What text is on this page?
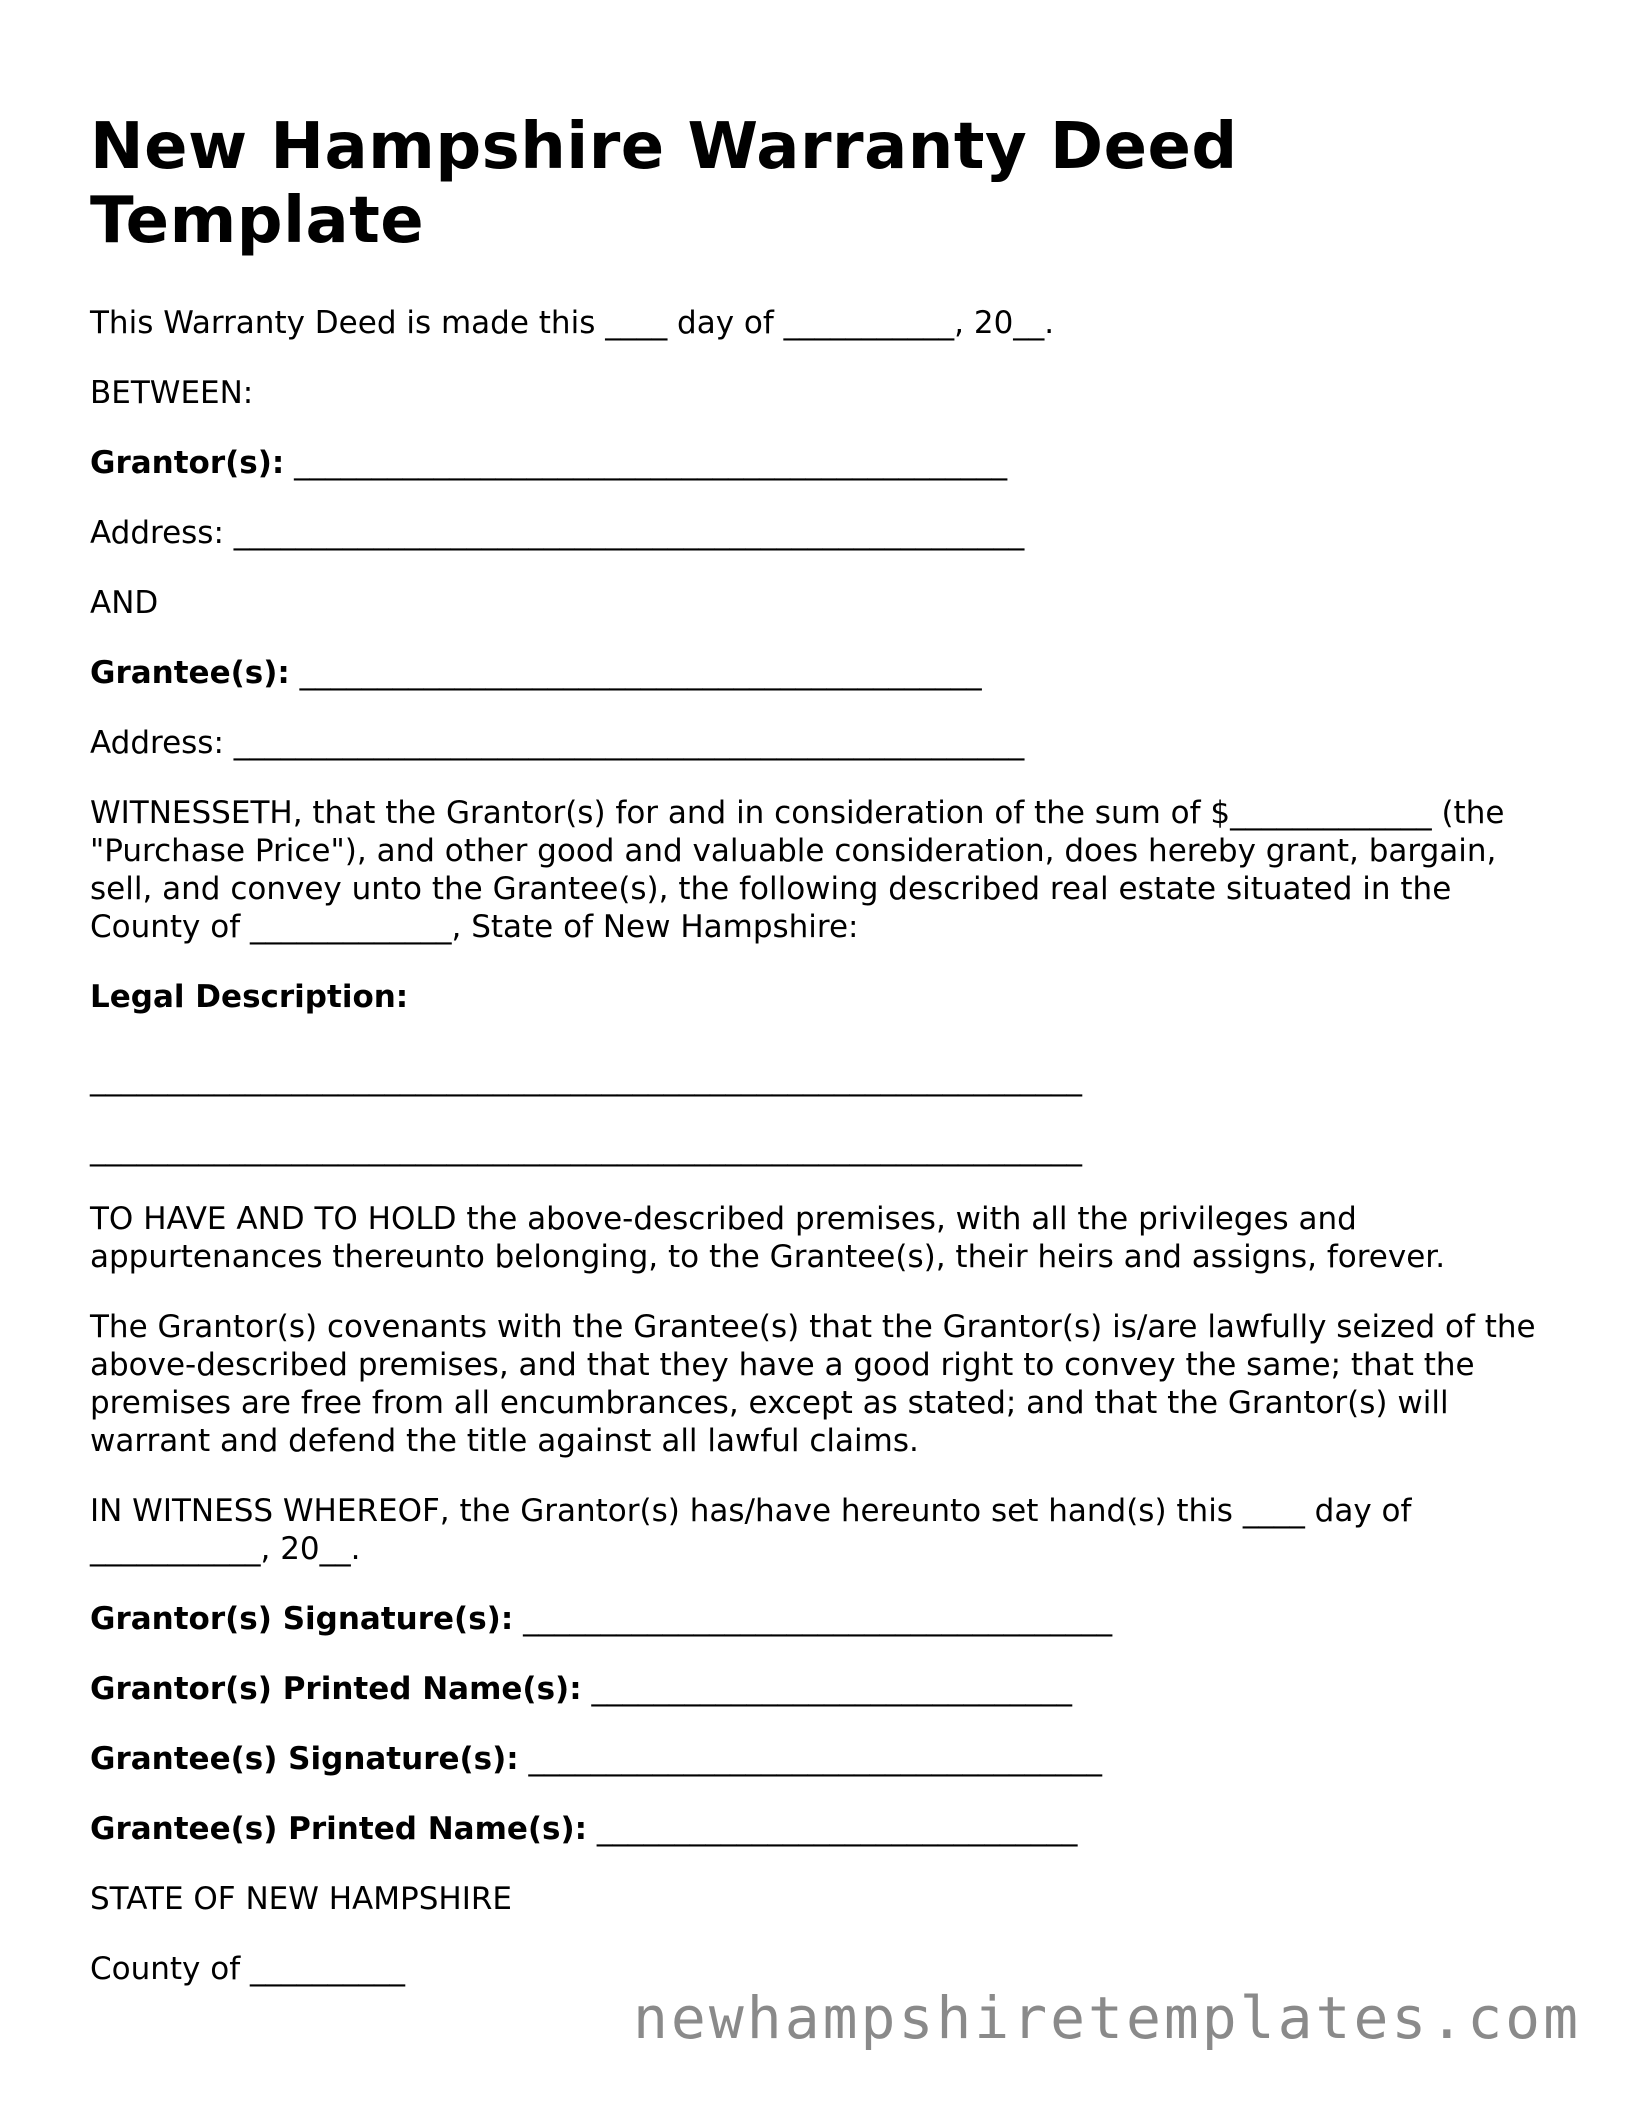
New Hampshire Warranty Deed Template

This Warranty Deed is made this ____ day of ___________, 20__.

BETWEEN:

Grantor(s): ______________________________________________

Address: ___________________________________________________

AND

Grantee(s): ____________________________________________

Address: ___________________________________________________

WITNESSETH, that the Grantor(s) for and in consideration of the sum of $_____________ (the "Purchase Price"), and other good and valuable consideration, does hereby grant, bargain, sell, and convey unto the Grantee(s), the following described real estate situated in the County of _____________, State of New Hampshire:

Legal Description:

________________________________________________________________
________________________________________________________________

TO HAVE AND TO HOLD the above-described premises, with all the privileges and appurtenances thereunto belonging, to the Grantee(s), their heirs and assigns, forever.

The Grantor(s) covenants with the Grantee(s) that the Grantor(s) is/are lawfully seized of the above-described premises, and that they have a good right to convey the same; that the premises are free from all encumbrances, except as stated; and that the Grantor(s) will warrant and defend the title against all lawful claims.

IN WITNESS WHEREOF, the Grantor(s) has/have hereunto set hand(s) this ____ day of ___________, 20__.

Grantor(s) Signature(s): ______________________________________

Grantor(s) Printed Name(s): _______________________________

Grantee(s) Signature(s): _____________________________________

Grantee(s) Printed Name(s): _______________________________

STATE OF NEW HAMPSHIRE

County of __________

newhampshiretemplates.com
